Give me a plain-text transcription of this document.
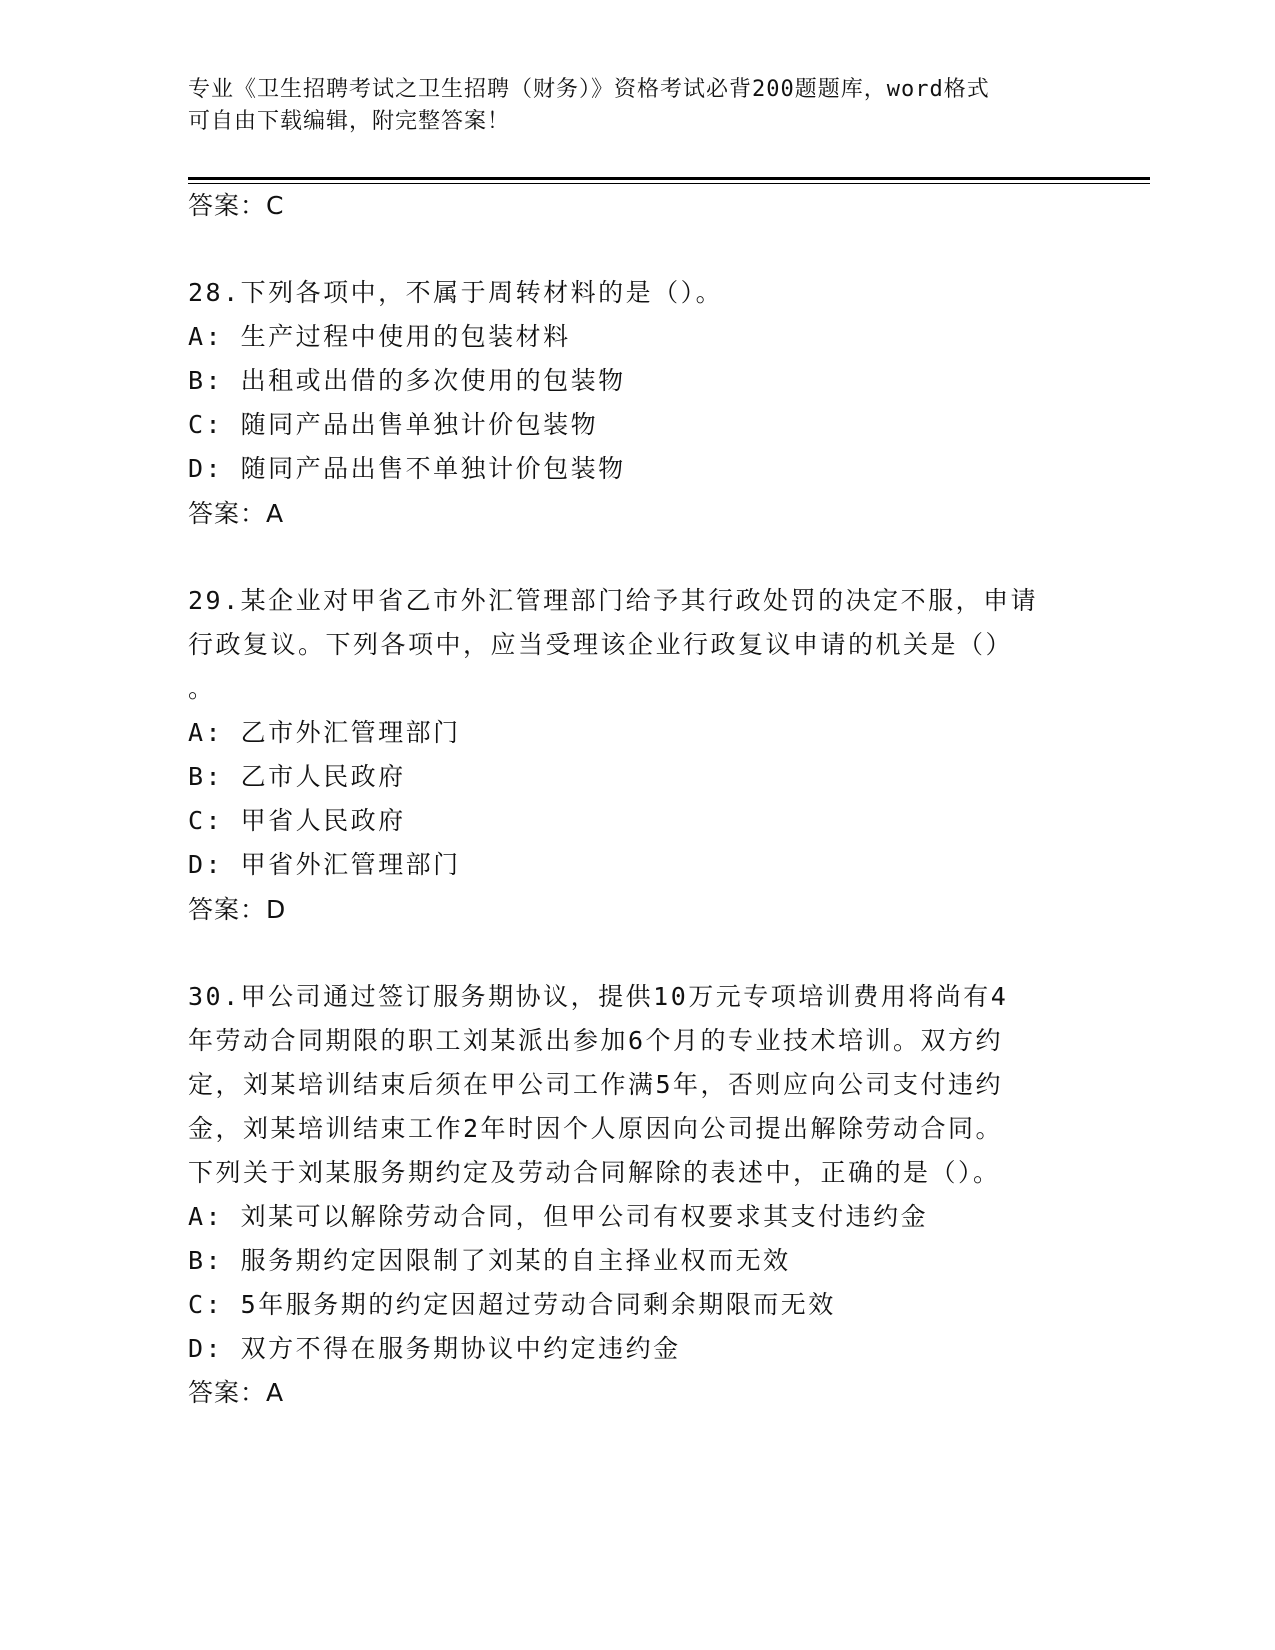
专业《卫生招聘考试之卫生招聘（财务）》资格考试必背200题题库，word格式
可自由下载编辑，附完整答案！
答案：C
28.下列各项中，不属于周转材料的是（）。
A: 生产过程中使用的包装材料
B: 出租或出借的多次使用的包装物
C: 随同产品出售单独计价包装物
D: 随同产品出售不单独计价包装物
答案：A
29.某企业对甲省乙市外汇管理部门给予其行政处罚的决定不服，申请
行政复议。下列各项中，应当受理该企业行政复议申请的机关是（）
。
A: 乙市外汇管理部门
B: 乙市人民政府
C: 甲省人民政府
D: 甲省外汇管理部门
答案：D
30.甲公司通过签订服务期协议，提供10万元专项培训费用将尚有4
年劳动合同期限的职工刘某派出参加6个月的专业技术培训。双方约
定，刘某培训结束后须在甲公司工作满5年，否则应向公司支付违约
金，刘某培训结束工作2年时因个人原因向公司提出解除劳动合同。
下列关于刘某服务期约定及劳动合同解除的表述中，正确的是（）。
A: 刘某可以解除劳动合同，但甲公司有权要求其支付违约金
B: 服务期约定因限制了刘某的自主择业权而无效
C: 5年服务期的约定因超过劳动合同剩余期限而无效
D: 双方不得在服务期协议中约定违约金
答案：A
